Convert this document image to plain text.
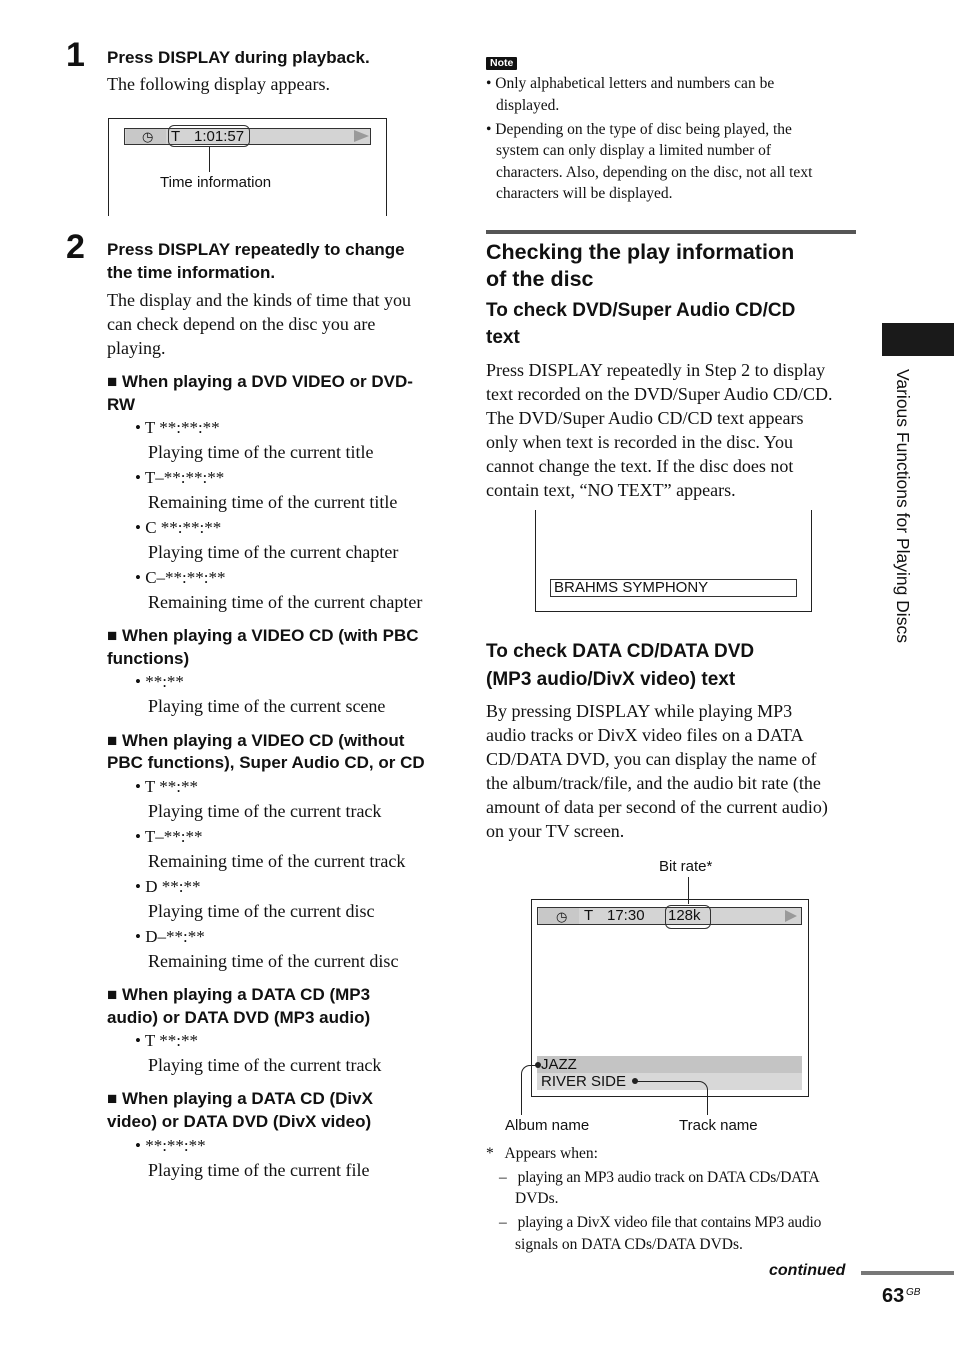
1 Press DISPLAY during playback.
The following display appears.
◷ T 1:01:57
Time information
2 Press DISPLAY repeatedly to change
the time information.
The display and the kinds of time that you
can check depend on the disc you are
playing.
■ When playing a DVD VIDEO or DVD-
RW
• T **:**:**
Playing time of the current title
• T–**:**:**
Remaining time of the current title
• C **:**:**
Playing time of the current chapter
• C–**:**:**
Remaining time of the current chapter
■ When playing a VIDEO CD (with PBC
functions)
• **:**
Playing time of the current scene
■ When playing a VIDEO CD (without
PBC functions), Super Audio CD, or CD
• T **:**
Playing time of the current track
• T–**:**
Remaining time of the current track
• D **:**
Playing time of the current disc
• D–**:**
Remaining time of the current disc
■ When playing a DATA CD (MP3
audio) or DATA DVD (MP3 audio)
• T **:**
Playing time of the current track
■ When playing a DATA CD (DivX
video) or DATA DVD (DivX video)
• **:**:**
Playing time of the current file
Note
• Only alphabetical letters and numbers can be
displayed.
• Depending on the type of disc being played, the
system can only display a limited number of
characters. Also, depending on the disc, not all text
characters will be displayed.
Checking the play information
of the disc
To check DVD/Super Audio CD/CD
text
Press DISPLAY repeatedly in Step 2 to display
text recorded on the DVD/Super Audio CD/CD.
The DVD/Super Audio CD/CD text appears
only when text is recorded in the disc. You
cannot change the text. If the disc does not
contain text, “NO TEXT” appears.
BRAHMS SYMPHONY
To check DATA CD/DATA DVD
(MP3 audio/DivX video) text
By pressing DISPLAY while playing MP3
audio tracks or DivX video files on a DATA
CD/DATA DVD, you can display the name of
the album/track/file, and the audio bit rate (the
amount of data per second of the current audio)
on your TV screen.
Bit rate*
◷ T 17:30 128k
JAZZ
RIVER SIDE
Album name	Track name
*   Appears when:
–   playing an MP3 audio track on DATA CDs/DATA
DVDs.
–   playing a DivX video file that contains MP3 audio
signals on DATA CDs/DATA DVDs.
Various Functions for Playing Discs
continued
63 GB
